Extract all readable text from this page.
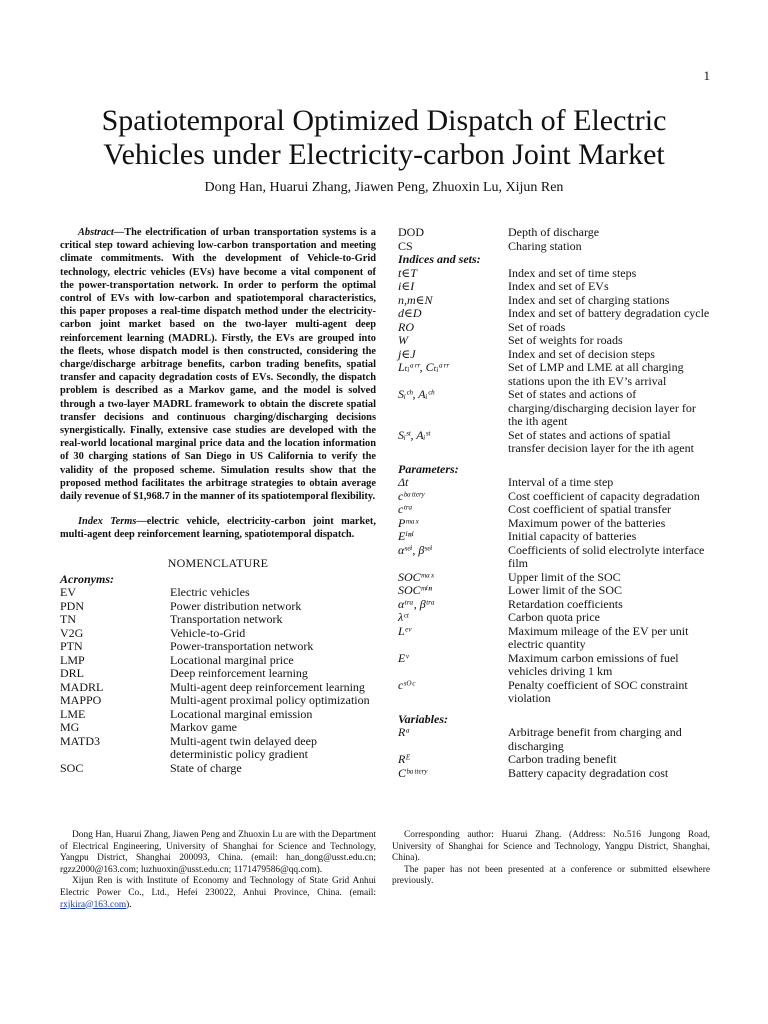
1
Spatiotemporal Optimized Dispatch of Electric
Vehicles under Electricity-carbon Joint Market
Dong Han, Huarui Zhang, Jiawen Peng, Zhuoxin Lu, Xijun Ren

Abstract—The electrification of urban transportation systems is a critical step toward achieving low-carbon transportation and meeting climate commitments. With the development of Vehicle-to-Grid technology, electric vehicles (EVs) have become a vital component of the power-transportation network. In order to perform the optimal control of EVs with low-carbon and spatiotemporal characteristics, this paper proposes a real-time dispatch method under the electricity-carbon joint market based on the two-layer multi-agent deep reinforcement learning (MADRL). Firstly, the EVs are grouped into the fleets, whose dispatch model is then constructed, considering the charge/discharge arbitrage benefits, carbon trading benefits, spatial transfer and capacity degradation costs of EVs. Secondly, the dispatch problem is described as a Markov game, and the model is solved through a two-layer MADRL framework to obtain the discrete spatial transfer decisions and continuous charging/discharging decisions synergistically. Finally, extensive case studies are developed with the real-world locational marginal price data and the location information of 30 charging stations of San Diego in US California to verify the validity of the proposed scheme. Simulation results show that the proposed method facilitates the arbitrage strategies to obtain average daily revenue of $1,968.7 in the manner of its spatiotemporal flexibility.

Index Terms—electric vehicle, electricity-carbon joint market, multi-agent deep reinforcement learning, spatiotemporal dispatch.

NOMENCLATURE
Acronyms:
EV	Electric vehicles
PDN	Power distribution network
TN	Transportation network
V2G	Vehicle-to-Grid
PTN	Power-transportation network
LMP	Locational marginal price
DRL	Deep reinforcement learning
MADRL	Multi-agent deep reinforcement learning
MAPPO	Multi-agent proximal policy optimization
LME	Locational marginal emission
MG	Markov game
MATD3	Multi-agent twin delayed deep deterministic policy gradient
SOC	State of charge
DOD	Depth of discharge
CS	Charing station
Indices and sets:
t∈T	Index and set of time steps
i∈I	Index and set of EVs
n,m∈N	Index and set of charging stations
d∈D	Index and set of battery degradation cycle
RO	Set of roads
W	Set of weights for roads
j∈J	Index and set of decision steps
Lₜᵢᵃʳʳ, Cₜᵢᵃʳʳ	Set of LMP and LME at all charging stations upon the ith EV’s arrival
Sᵢᶜʰ, Aᵢᶜʰ	Set of states and actions of charging/discharging decision layer for the ith agent
Sᵢˢᵗ, Aᵢˢᵗ	Set of states and actions of spatial transfer decision layer for the ith agent
Parameters:
Δt	Interval of a time step
cᵇᵃᵗᵗᵉʳʸ	Cost coefficient of capacity degradation
cᵗʳᵃ	Cost coefficient of spatial transfer
Pᵐᵃˣ	Maximum power of the batteries
Eⁱⁿⁱ	Initial capacity of batteries
αˢᵉⁱ, βˢᵉⁱ	Coefficients of solid electrolyte interface film
SOCᵐᵃˣ	Upper limit of the SOC
SOCᵐⁱⁿ	Lower limit of the SOC
αᵗʳᵃ, βᵗʳᵃ	Retardation coefficients
λᶜᵗ	Carbon quota price
Lᵉᵛ	Maximum mileage of the EV per unit electric quantity
Eᵛ	Maximum carbon emissions of fuel vehicles driving 1 km
cˢᴼᶜ	Penalty coefficient of SOC constraint violation
Variables:
Rᵃ	Arbitrage benefit from charging and discharging
Rᴱ	Carbon trading benefit
Cᵇᵃᵗᵗᵉʳʸ	Battery capacity degradation cost

Dong Han, Huarui Zhang, Jiawen Peng and Zhuoxin Lu are with the Department of Electrical Engineering, University of Shanghai for Science and Technology, Yangpu District, Shanghai 200093, China. (email: han_dong@usst.edu.cn; rgzz2000@163.com; luzhuoxin@usst.edu.cn; 1171479586@qq.com).

Xijun Ren is with Institute of Economy and Technology of State Grid Anhui Electric Power Co., Ltd., Hefei 230022, Anhui Province, China. (email: rxjkira@163.com).

Corresponding author: Huarui Zhang. (Address: No.516 Jungong Road, University of Shanghai for Science and Technology, Yangpu District, Shanghai, China).

The paper has not been presented at a conference or submitted elsewhere previously.
